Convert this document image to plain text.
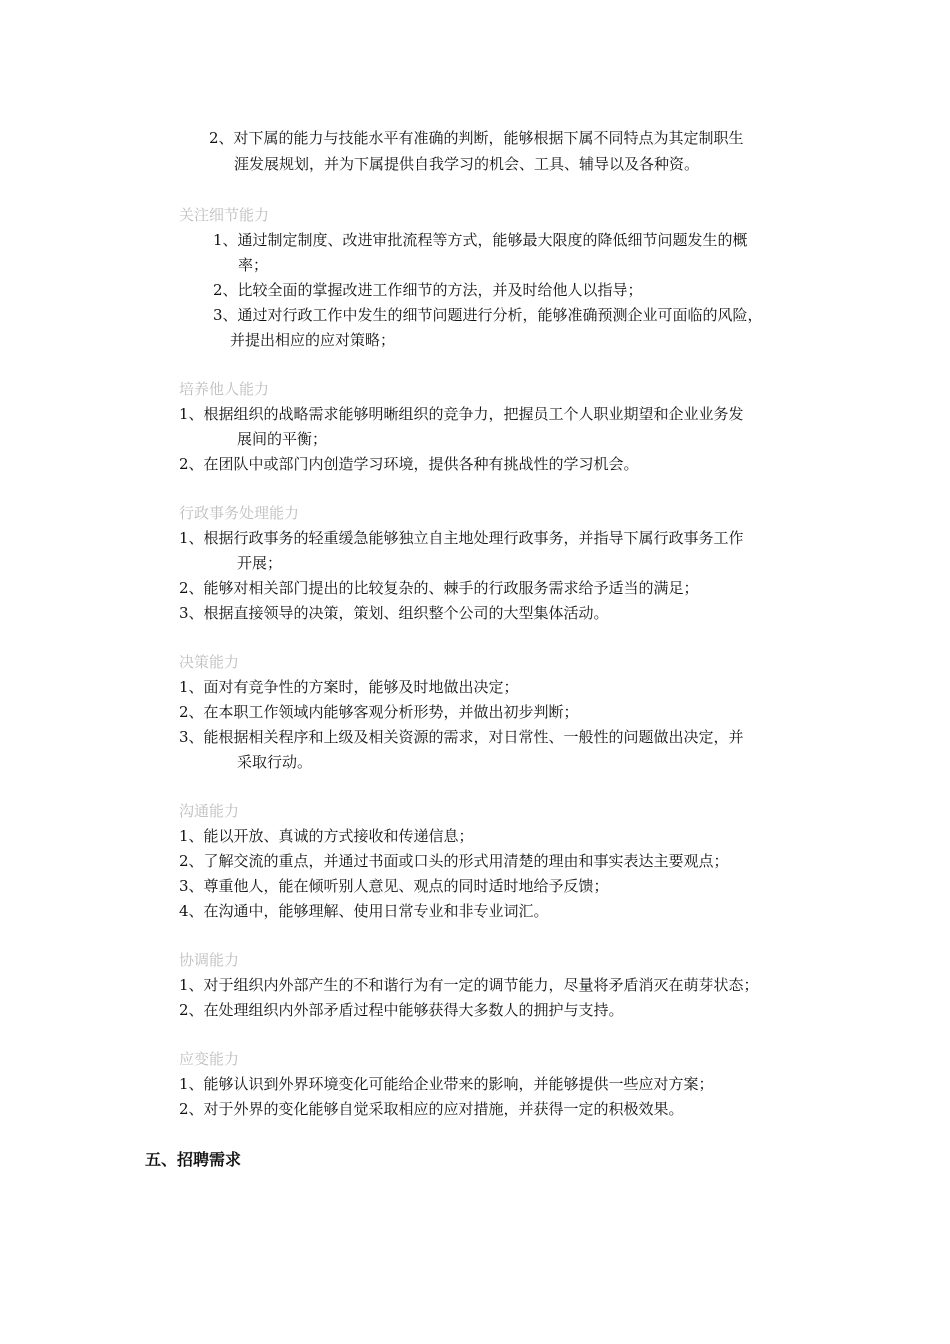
2、对下属的能力与技能水平有准确的判断，能够根据下属不同特点为其定制职生
涯发展规划，并为下属提供自我学习的机会、工具、辅导以及各种资。
关注细节能力
1、通过制定制度、改进审批流程等方式，能够最大限度的降低细节问题发生的概
率；
2、比较全面的掌握改进工作细节的方法，并及时给他人以指导；
3、通过对行政工作中发生的细节问题进行分析，能够准确预测企业可面临的风险，
并提出相应的应对策略；
培养他人能力
1、根据组织的战略需求能够明晰组织的竞争力，把握员工个人职业期望和企业业务发
展间的平衡；
2、在团队中或部门内创造学习环境，提供各种有挑战性的学习机会。
行政事务处理能力
1、根据行政事务的轻重缓急能够独立自主地处理行政事务，并指导下属行政事务工作
开展；
2、能够对相关部门提出的比较复杂的、棘手的行政服务需求给予适当的满足；
3、根据直接领导的决策，策划、组织整个公司的大型集体活动。
决策能力
1、面对有竞争性的方案时，能够及时地做出决定；
2、在本职工作领域内能够客观分析形势，并做出初步判断；
3、能根据相关程序和上级及相关资源的需求，对日常性、一般性的问题做出决定，并
采取行动。
沟通能力
1、能以开放、真诚的方式接收和传递信息；
2、了解交流的重点，并通过书面或口头的形式用清楚的理由和事实表达主要观点；
3、尊重他人，能在倾听别人意见、观点的同时适时地给予反馈；
4、在沟通中，能够理解、使用日常专业和非专业词汇。
协调能力
1、对于组织内外部产生的不和谐行为有一定的调节能力，尽量将矛盾消灭在萌芽状态；
2、在处理组织内外部矛盾过程中能够获得大多数人的拥护与支持。
应变能力
1、能够认识到外界环境变化可能给企业带来的影响，并能够提供一些应对方案；
2、对于外界的变化能够自觉采取相应的应对措施，并获得一定的积极效果。
五、招聘需求
